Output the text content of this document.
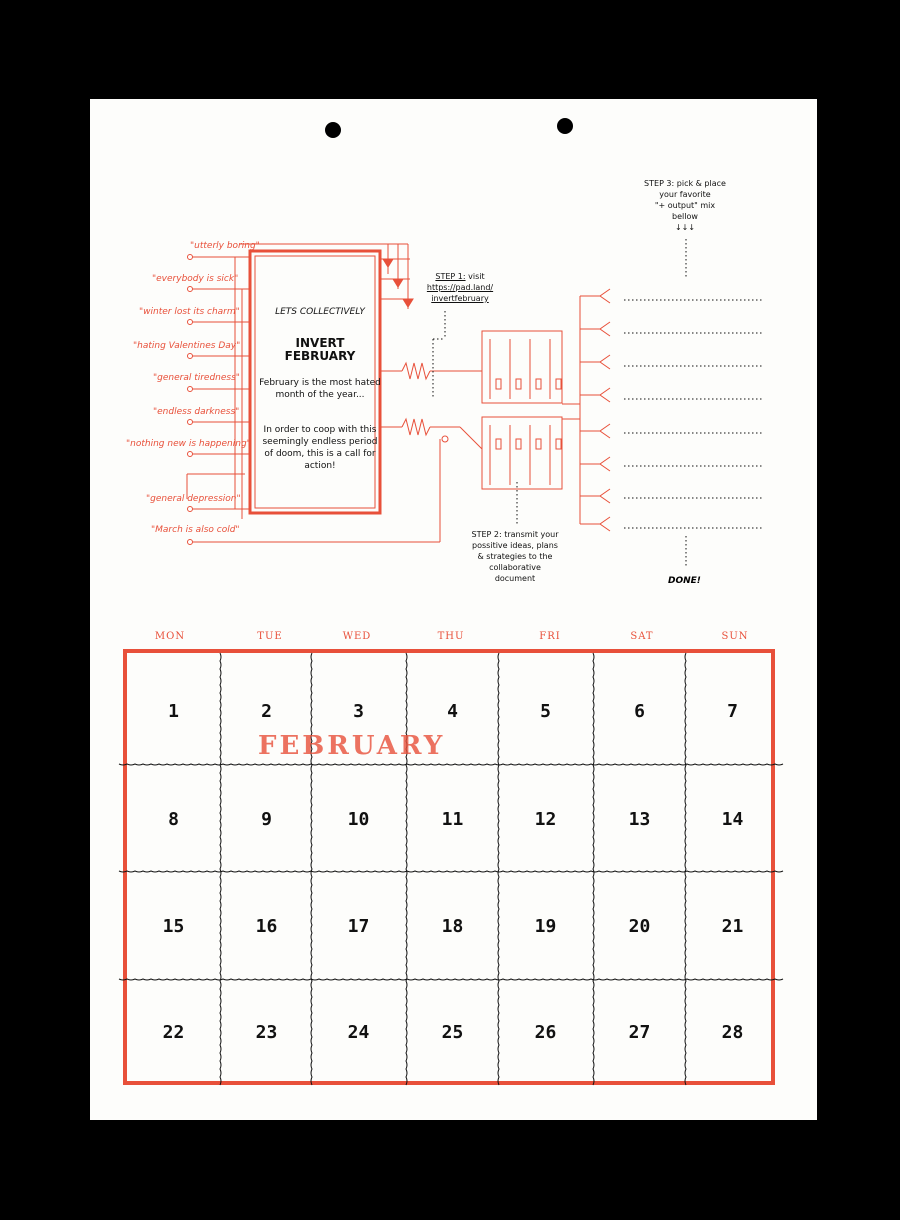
"utterly boring"
"everybody is sick"
"winter lost its charm"
"hating Valentines Day"
"general tiredness"
"endless darkness"
"nothing new is happening"
"general depression"
"March is also cold"
LETS COLLECTIVELY
INVERT
FEBRUARY
February is the most hated month of the year...
In order to coop with this seemingly endless period of doom, this is a call for action!
STEP 1: visit
https://pad.land/
invertfebruary
STEP 2: transmit your possitive ideas, plans & strategies to the collaborative document
STEP 3: pick & place
your favorite
"+ output" mix
bellow
↓↓↓
DONE!
mon	tue	wed	thu	fri	sat	sun
FEBRUARY
1	2	3	4	5	6	7
8	9	10	11	12	13	14
15	16	17	18	19	20	21
22	23	24	25	26	27	28
